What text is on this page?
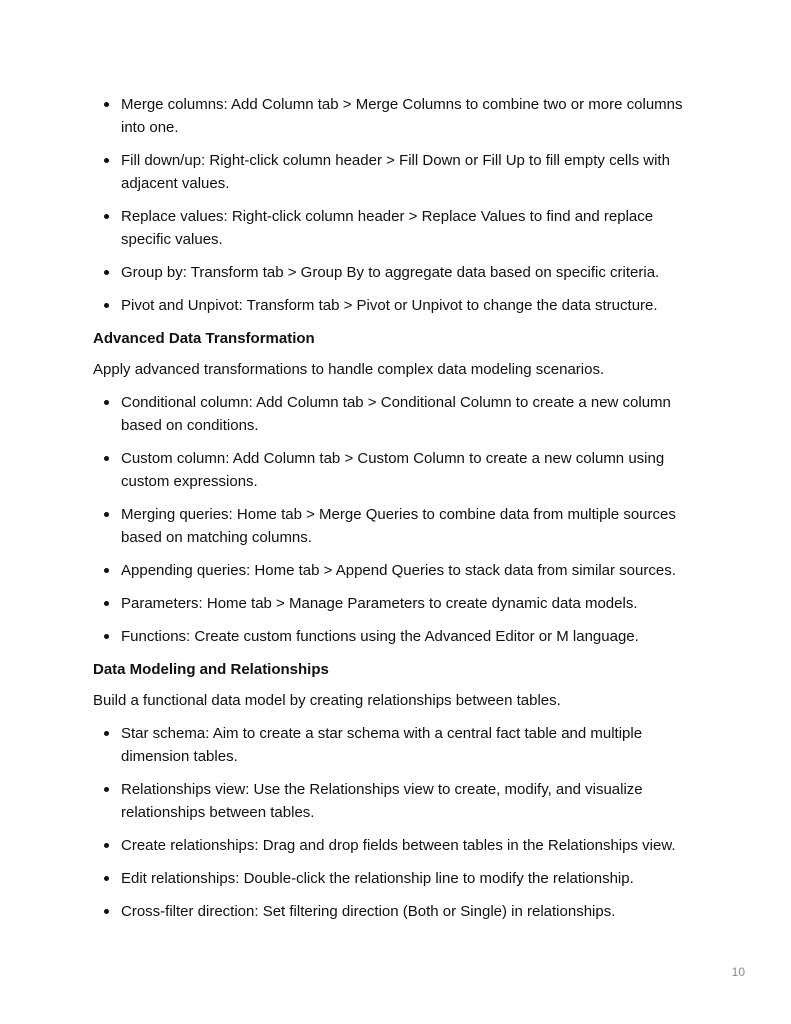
Merge columns: Add Column tab > Merge Columns to combine two or more columns into one.
Fill down/up: Right-click column header > Fill Down or Fill Up to fill empty cells with adjacent values.
Replace values: Right-click column header > Replace Values to find and replace specific values.
Group by: Transform tab > Group By to aggregate data based on specific criteria.
Pivot and Unpivot: Transform tab > Pivot or Unpivot to change the data structure.
Advanced Data Transformation
Apply advanced transformations to handle complex data modeling scenarios.
Conditional column: Add Column tab > Conditional Column to create a new column based on conditions.
Custom column: Add Column tab > Custom Column to create a new column using custom expressions.
Merging queries: Home tab > Merge Queries to combine data from multiple sources based on matching columns.
Appending queries: Home tab > Append Queries to stack data from similar sources.
Parameters: Home tab > Manage Parameters to create dynamic data models.
Functions: Create custom functions using the Advanced Editor or M language.
Data Modeling and Relationships
Build a functional data model by creating relationships between tables.
Star schema: Aim to create a star schema with a central fact table and multiple dimension tables.
Relationships view: Use the Relationships view to create, modify, and visualize relationships between tables.
Create relationships: Drag and drop fields between tables in the Relationships view.
Edit relationships: Double-click the relationship line to modify the relationship.
Cross-filter direction: Set filtering direction (Both or Single) in relationships.
10
